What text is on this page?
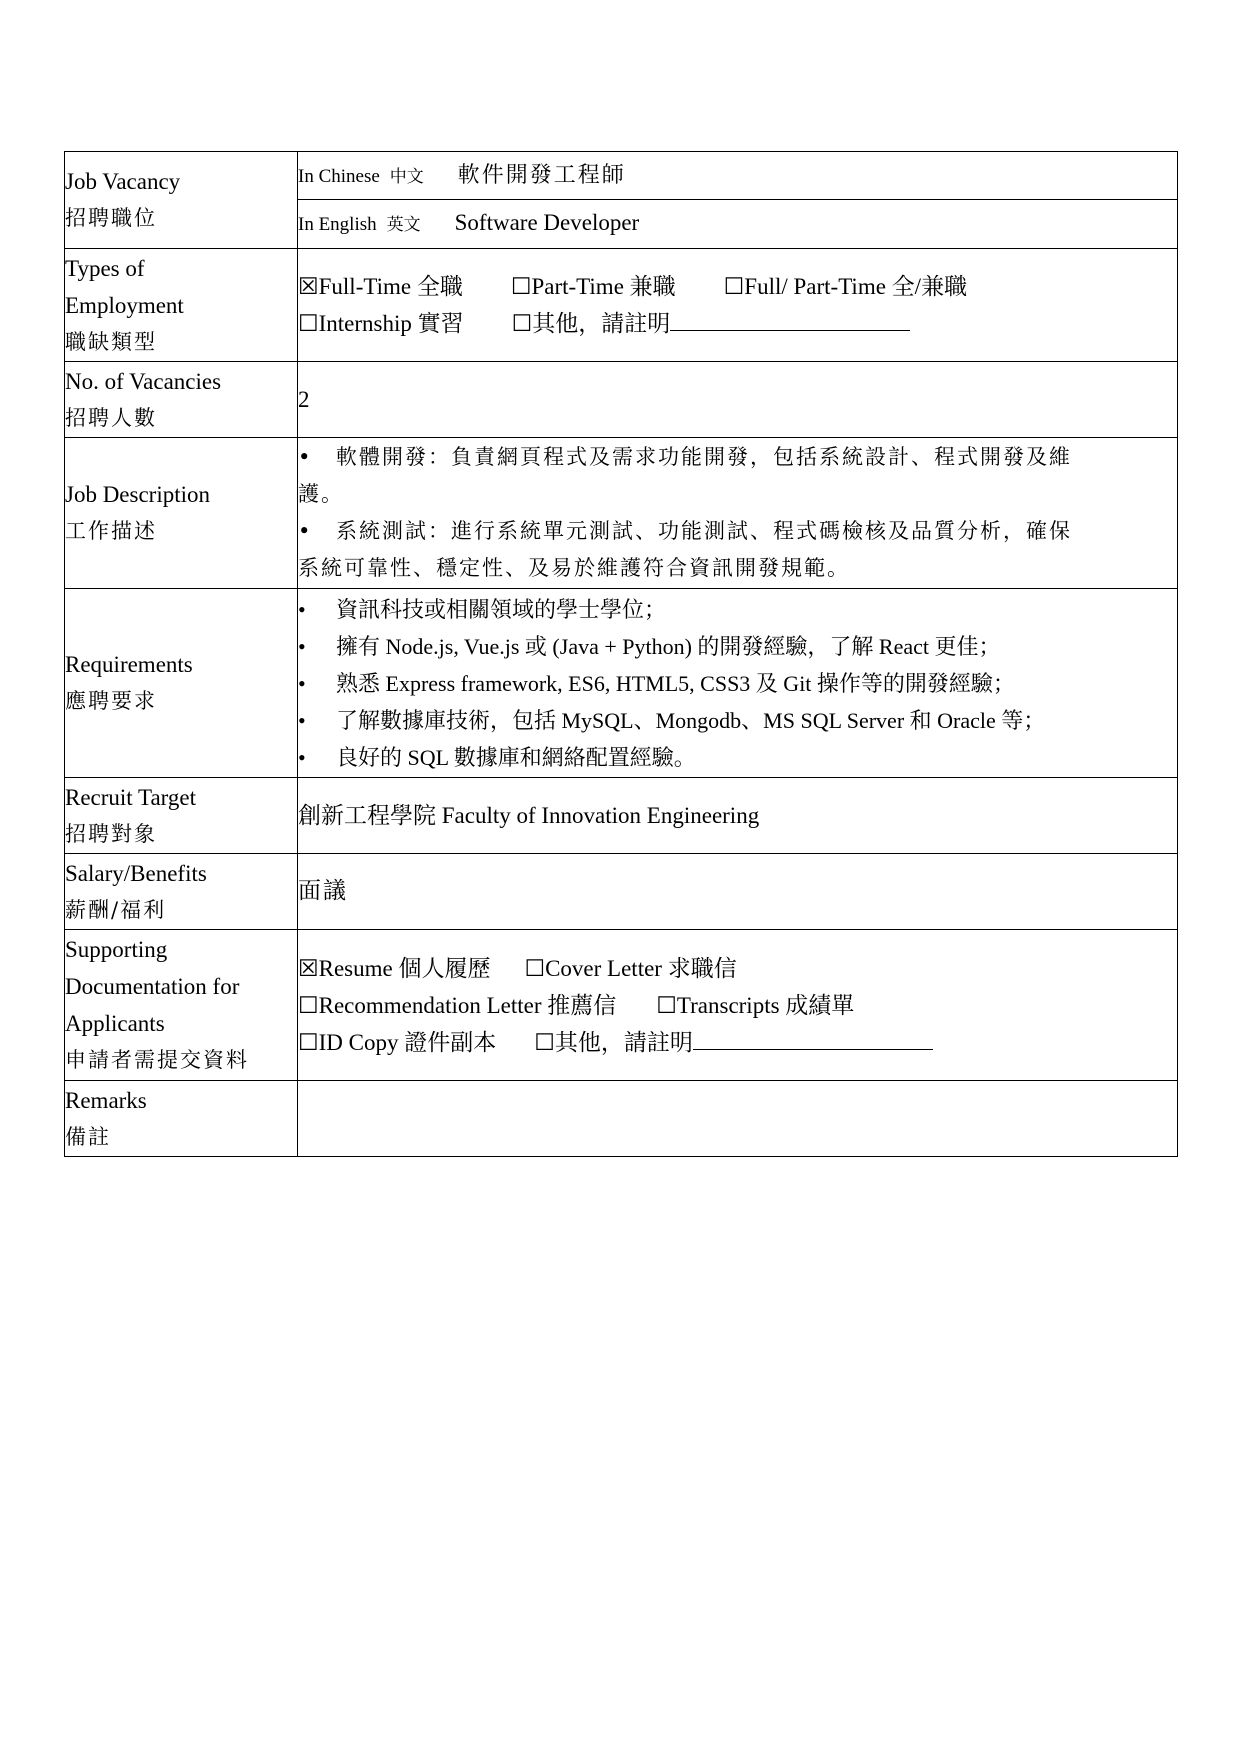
Job Vacancy
招聘職位	In Chinese 中文 軟件開發工程師
	In English 英文 Software Developer

Types of
Employment
職缺類型	☒Full-Time 全職 ☐Part-Time 兼職 ☐Full/ Part-Time 全/兼職
☐Internship 實習 ☐其他，請註明

No. of Vacancies
招聘人數	2

Job Description
工作描述	• 軟體開發：負責網頁程式及需求功能開發，包括系統設計、程式開發及維
護。
• 系統測試：進行系統單元測試、功能測試、程式碼檢核及品質分析，確保
系統可靠性、穩定性、及易於維護符合資訊開發規範。

Requirements
應聘要求	• 資訊科技或相關領域的學士學位；
• 擁有 Node.js, Vue.js 或 (Java + Python) 的開發經驗，了解 React 更佳；
• 熟悉 Express framework, ES6, HTML5, CSS3 及 Git 操作等的開發經驗；
• 了解數據庫技術，包括 MySQL、Mongodb、MS SQL Server 和 Oracle 等；
• 良好的 SQL 數據庫和網絡配置經驗。

Recruit Target
招聘對象	創新工程學院 Faculty of Innovation Engineering

Salary/Benefits
薪酬/福利	面議

Supporting
Documentation for
Applicants
申請者需提交資料	☒Resume 個人履歷 ☐Cover Letter 求職信
☐Recommendation Letter 推薦信 ☐Transcripts 成績單
☐ID Copy 證件副本 ☐其他，請註明

Remarks
備註	
